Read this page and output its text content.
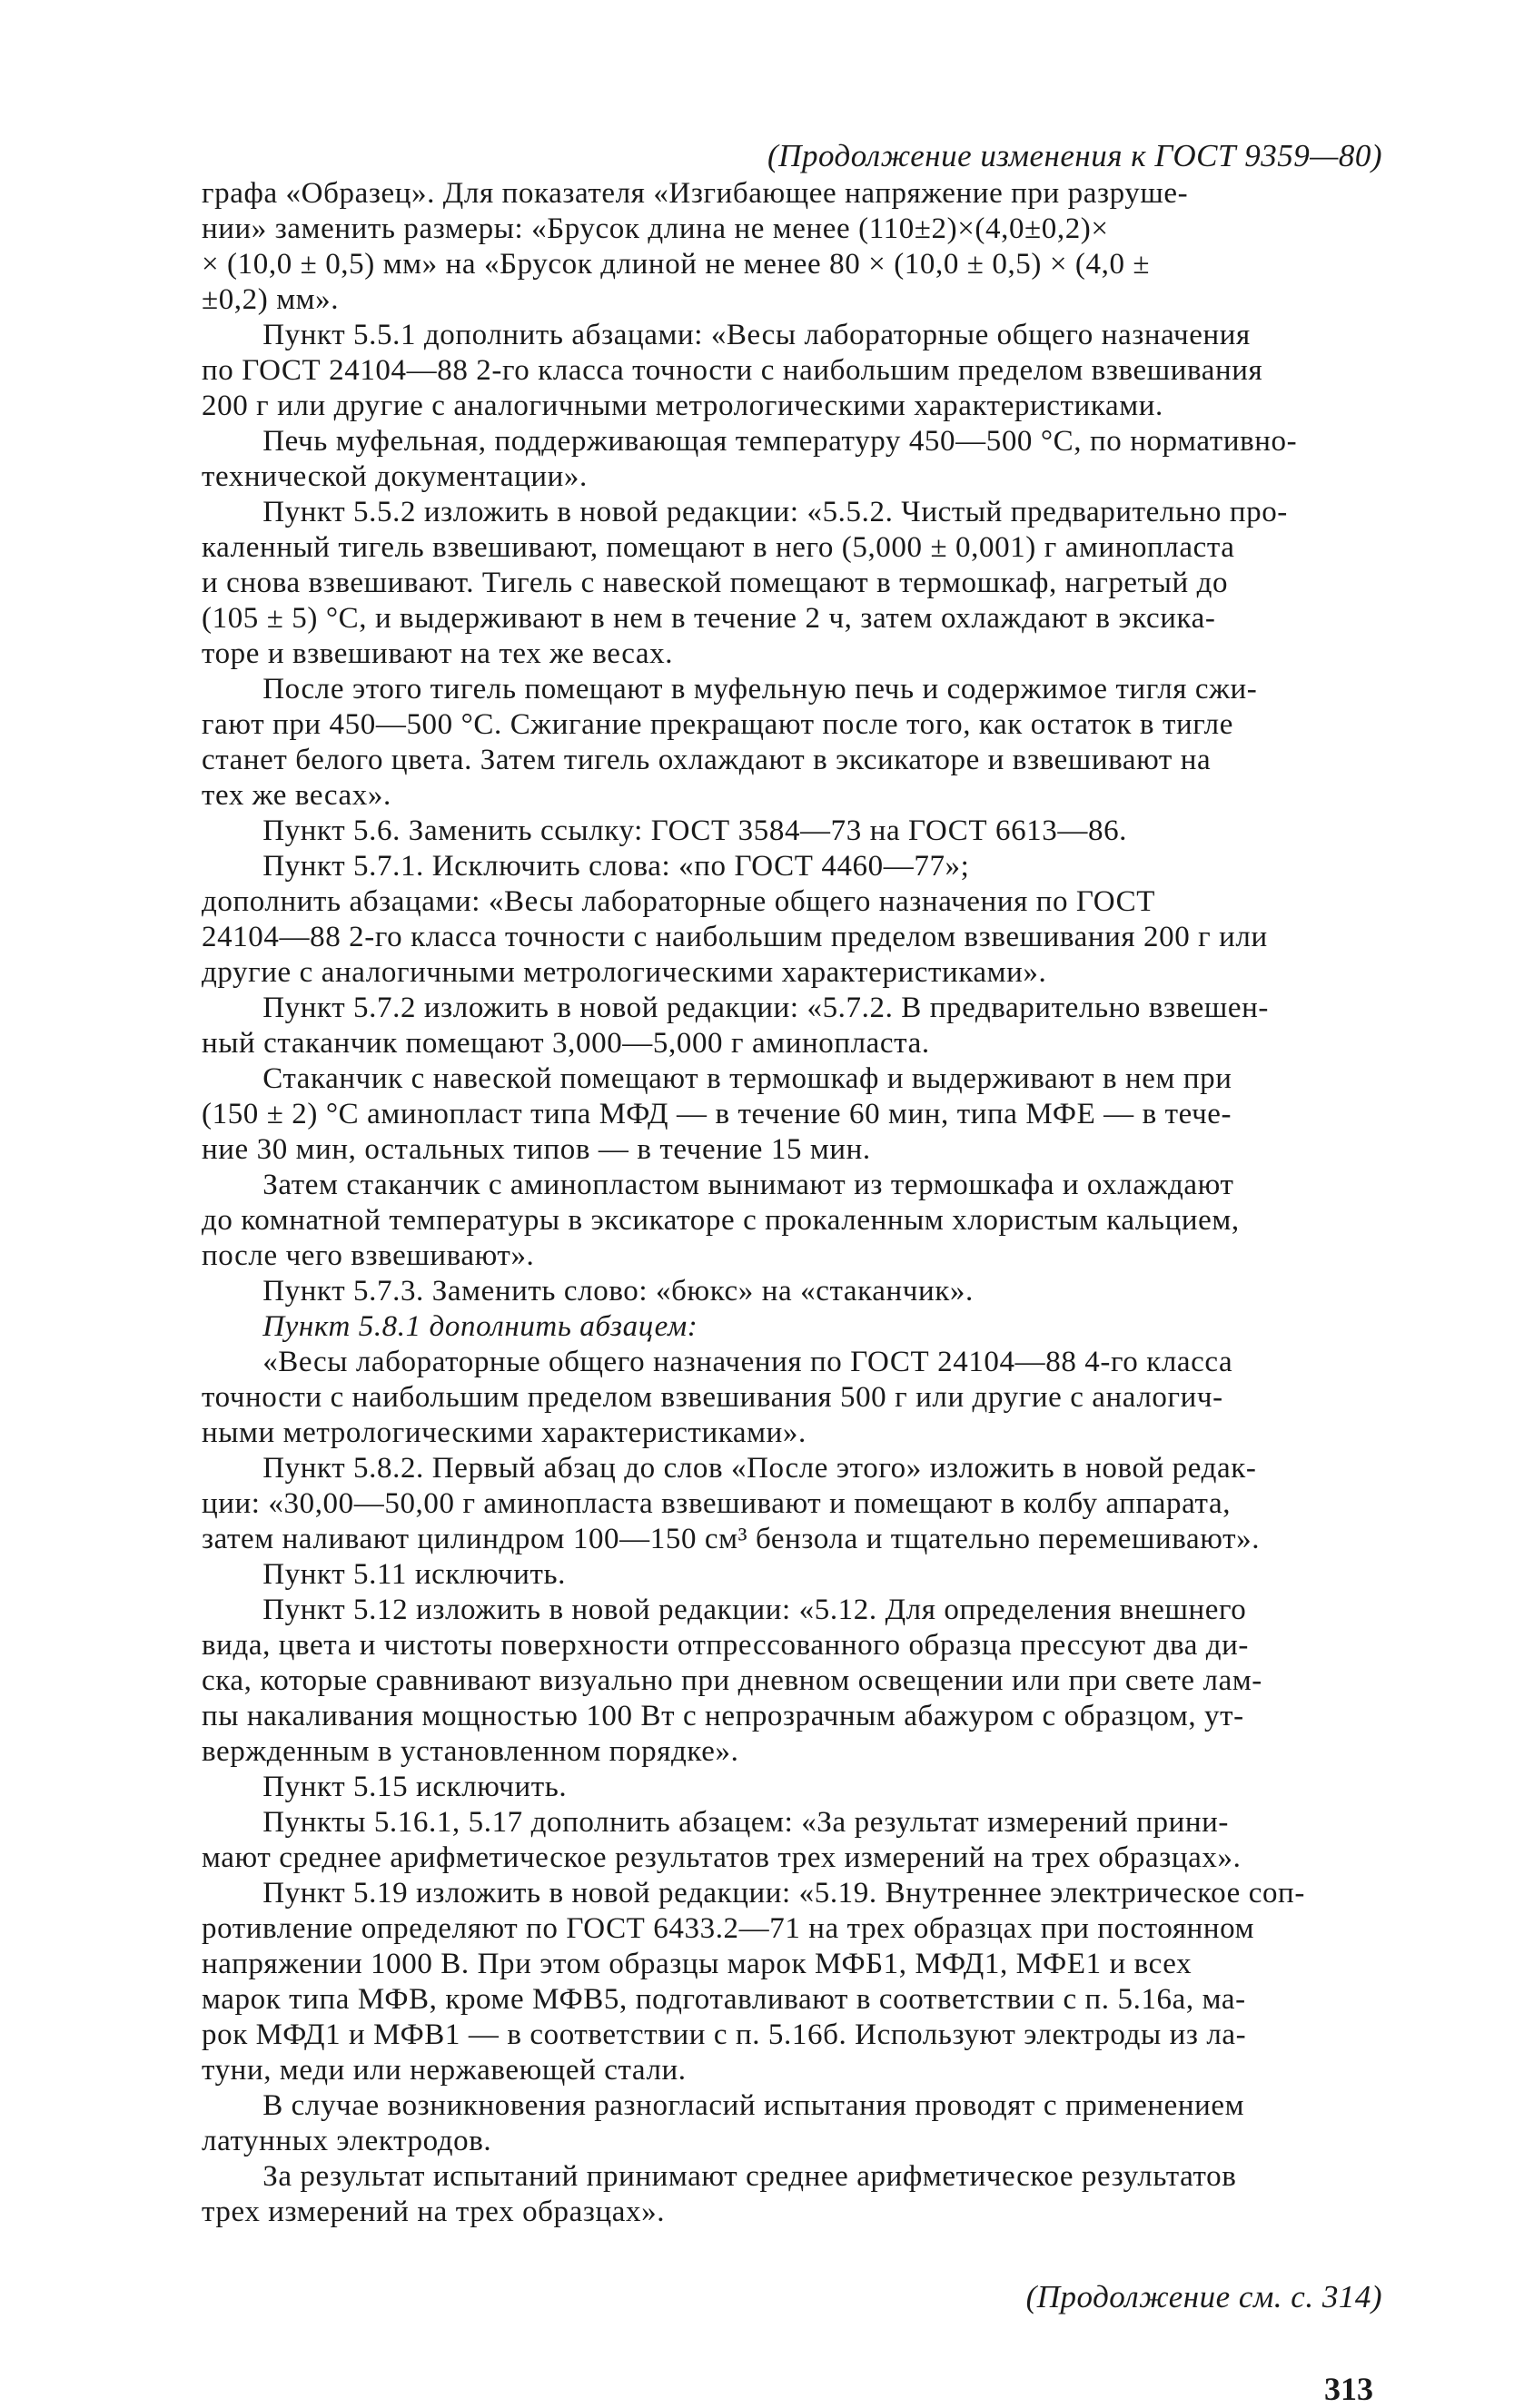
(Продолжение изменения к ГОСТ 9359—80)

графа «Образец». Для показателя «Изгибающее напряжение при разруше-
нии» заменить размеры: «Брусок длина не менее (110±2)×(4,0±0,2)×
× (10,0 ± 0,5) мм» на «Брусок длиной не менее 80 × (10,0 ± 0,5) × (4,0 ±
±0,2) мм».

  Пункт 5.5.1 дополнить абзацами: «Весы лабораторные общего назначения
по ГОСТ 24104—88 2-го класса точности с наибольшим пределом взвешивания
200 г или другие с аналогичными метрологическими характеристиками.

  Печь муфельная, поддерживающая температуру 450—500 °С, по нормативно-
технической документации».

  Пункт 5.5.2 изложить в новой редакции: «5.5.2. Чистый предварительно про-
каленный тигель взвешивают, помещают в него (5,000 ± 0,001) г аминопласта
и снова взвешивают. Тигель с навеской помещают в термошкаф, нагретый до
(105 ± 5) °С, и выдерживают в нем в течение 2 ч, затем охлаждают в эксика-
торе и взвешивают на тех же весах.

  После этого тигель помещают в муфельную печь и содержимое тигля сжи-
гают при 450—500 °С. Сжигание прекращают после того, как остаток в тигле
станет белого цвета. Затем тигель охлаждают в эксикаторе и взвешивают на
тех же весах».

  Пункт 5.6. Заменить ссылку: ГОСТ 3584—73 на ГОСТ 6613—86.

  Пункт 5.7.1. Исключить слова: «по ГОСТ 4460—77»;

дополнить абзацами: «Весы лабораторные общего назначения по ГОСТ
24104—88 2-го класса точности с наибольшим пределом взвешивания 200 г или
другие с аналогичными метрологическими характеристиками».

  Пункт 5.7.2 изложить в новой редакции: «5.7.2. В предварительно взвешен-
ный стаканчик помещают 3,000—5,000 г аминопласта.

  Стаканчик с навеской помещают в термошкаф и выдерживают в нем при
(150 ± 2) °С аминопласт типа МФД — в течение 60 мин, типа МФЕ — в тече-
ние 30 мин, остальных типов — в течение 15 мин.

  Затем стаканчик с аминопластом вынимают из термошкафа и охлаждают
до комнатной температуры в эксикаторе с прокаленным хлористым кальцием,
после чего взвешивают».

  Пункт 5.7.3. Заменить слово: «бюкс» на «стаканчик».

  Пункт 5.8.1 дополнить абзацем:

  «Весы лабораторные общего назначения по ГОСТ 24104—88 4-го класса
точности с наибольшим пределом взвешивания 500 г или другие с аналогич-
ными метрологическими характеристиками».

  Пункт 5.8.2. Первый абзац до слов «После этого» изложить в новой редак-
ции: «30,00—50,00 г аминопласта взвешивают и помещают в колбу аппарата,
затем наливают цилиндром 100—150 см³ бензола и тщательно перемешивают».

  Пункт 5.11 исключить.

  Пункт 5.12 изложить в новой редакции: «5.12. Для определения внешнего
вида, цвета и чистоты поверхности отпрессованного образца прессуют два ди-
ска, которые сравнивают визуально при дневном освещении или при свете лам-
пы накаливания мощностью 100 Вт с непрозрачным абажуром с образцом, ут-
вержденным в установленном порядке».

  Пункт 5.15 исключить.

  Пункты 5.16.1, 5.17 дополнить абзацем: «За результат измерений прини-
мают среднее арифметическое результатов трех измерений на трех образцах».

  Пункт 5.19 изложить в новой редакции: «5.19. Внутреннее электрическое соп-
ротивление определяют по ГОСТ 6433.2—71 на трех образцах при постоянном
напряжении 1000 В. При этом образцы марок МФБ1, МФД1, МФЕ1 и всех
марок типа МФВ, кроме МФВ5, подготавливают в соответствии с п. 5.16а, ма-
рок МФД1 и МФВ1 — в соответствии с п. 5.16б. Используют электроды из ла-
туни, меди или нержавеющей стали.

  В случае возникновения разногласий испытания проводят с применением
латунных электродов.

  За результат испытаний принимают среднее арифметическое результатов
трех измерений на трех образцах».

(Продолжение см. с. 314)
313
